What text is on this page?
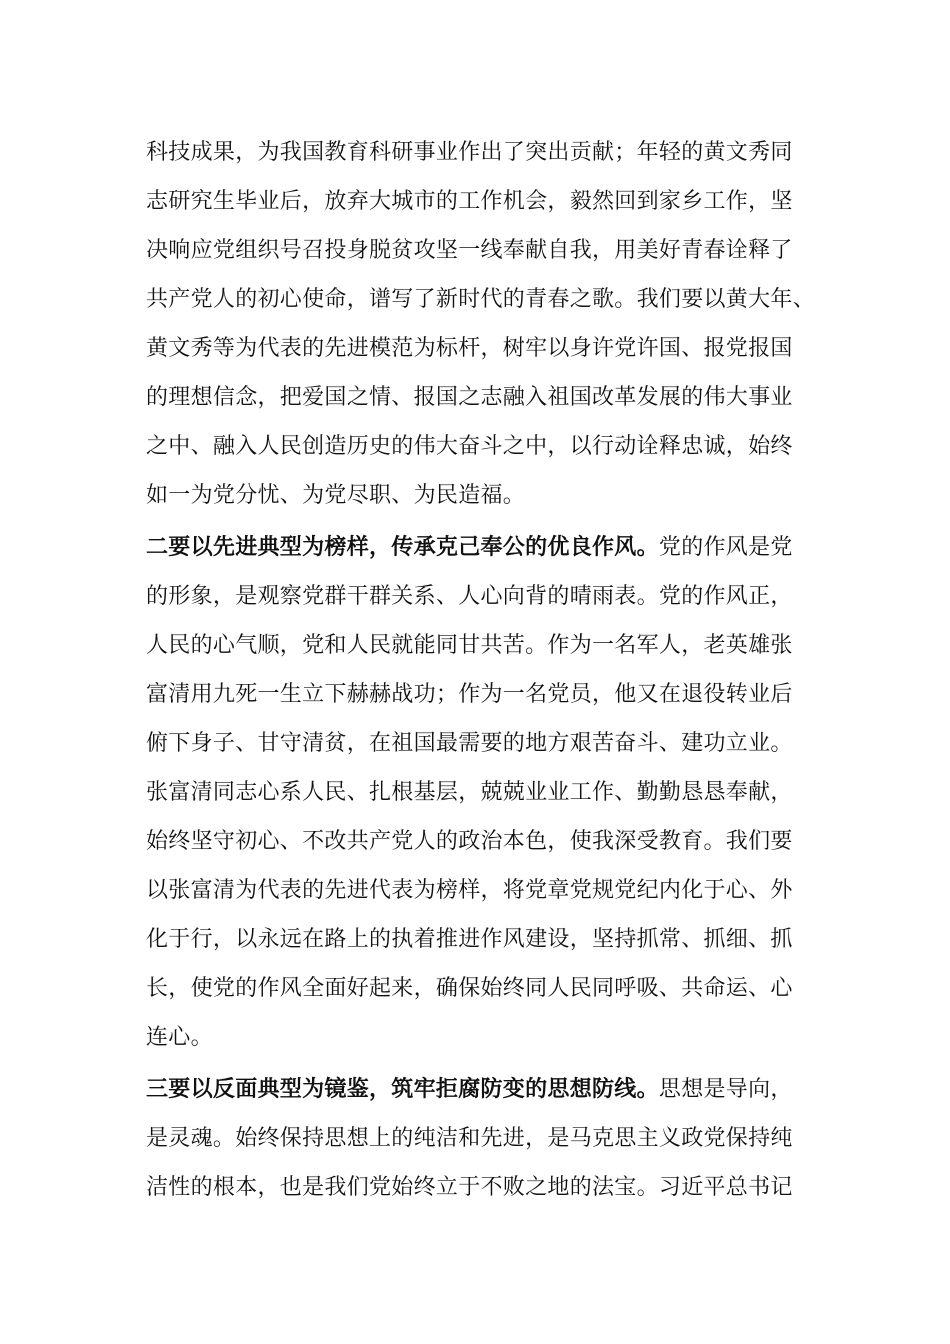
科技成果，为我国教育科研事业作出了突出贡献；年轻的黄文秀同
志研究生毕业后，放弃大城市的工作机会，毅然回到家乡工作，坚
决响应党组织号召投身脱贫攻坚一线奉献自我，用美好青春诠释了
共产党人的初心使命，谱写了新时代的青春之歌。我们要以黄大年、
黄文秀等为代表的先进模范为标杆，树牢以身许党许国、报党报国
的理想信念，把爱国之情、报国之志融入祖国改革发展的伟大事业
之中、融入人民创造历史的伟大奋斗之中，以行动诠释忠诚，始终
如一为党分忧、为党尽职、为民造福。
二要以先进典型为榜样，传承克己奉公的优良作风。党的作风是党
的形象，是观察党群干群关系、人心向背的晴雨表。党的作风正，
人民的心气顺，党和人民就能同甘共苦。作为一名军人，老英雄张
富清用九死一生立下赫赫战功；作为一名党员，他又在退役转业后
俯下身子、甘守清贫，在祖国最需要的地方艰苦奋斗、建功立业。
张富清同志心系人民、扎根基层，兢兢业业工作、勤勤恳恳奉献，
始终坚守初心、不改共产党人的政治本色，使我深受教育。我们要
以张富清为代表的先进代表为榜样，将党章党规党纪内化于心、外
化于行，以永远在路上的执着推进作风建设，坚持抓常、抓细、抓
长，使党的作风全面好起来，确保始终同人民同呼吸、共命运、心
连心。
三要以反面典型为镜鉴，筑牢拒腐防变的思想防线。思想是导向，
是灵魂。始终保持思想上的纯洁和先进，是马克思主义政党保持纯
洁性的根本，也是我们党始终立于不败之地的法宝。习近平总书记
